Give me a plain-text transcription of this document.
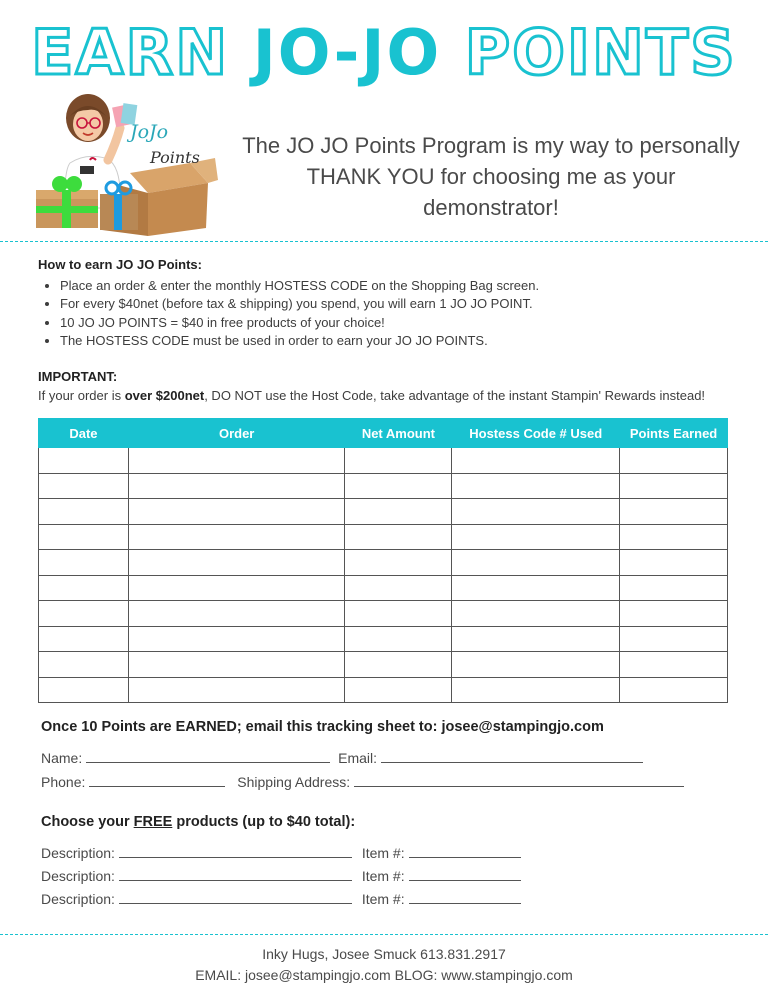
EARN JO-JO POINTS
JoJo
Points The JO JO Points Program is my way to personally
THANK YOU for choosing me as your demonstrator!
How to earn JO JO Points:
• Place an order & enter the monthly HOSTESS CODE on the Shopping Bag screen.
• For every $40net (before tax & shipping) you spend, you will earn 1 JO JO POINT.
• 10 JO JO POINTS = $40 in free products of your choice!
• The HOSTESS CODE must be used in order to earn your JO JO POINTS.
IMPORTANT:
If your order is over $200net, DO NOT use the Host Code, take advantage of the instant Stampin' Rewards instead!
Date	Order	Net Amount	Hostess Code # Used	Points Earned

Once 10 Points are EARNED; email this tracking sheet to: josee@stampingjo.com
Name:	Email:
Phone:	Shipping Address:
Choose your FREE products (up to $40 total):
Description:	Item #:
Description:	Item #:
Description:	Item #:
Inky Hugs, Josee Smuck 613.831.2917
EMAIL: josee@stampingjo.com BLOG: www.stampingjo.com
